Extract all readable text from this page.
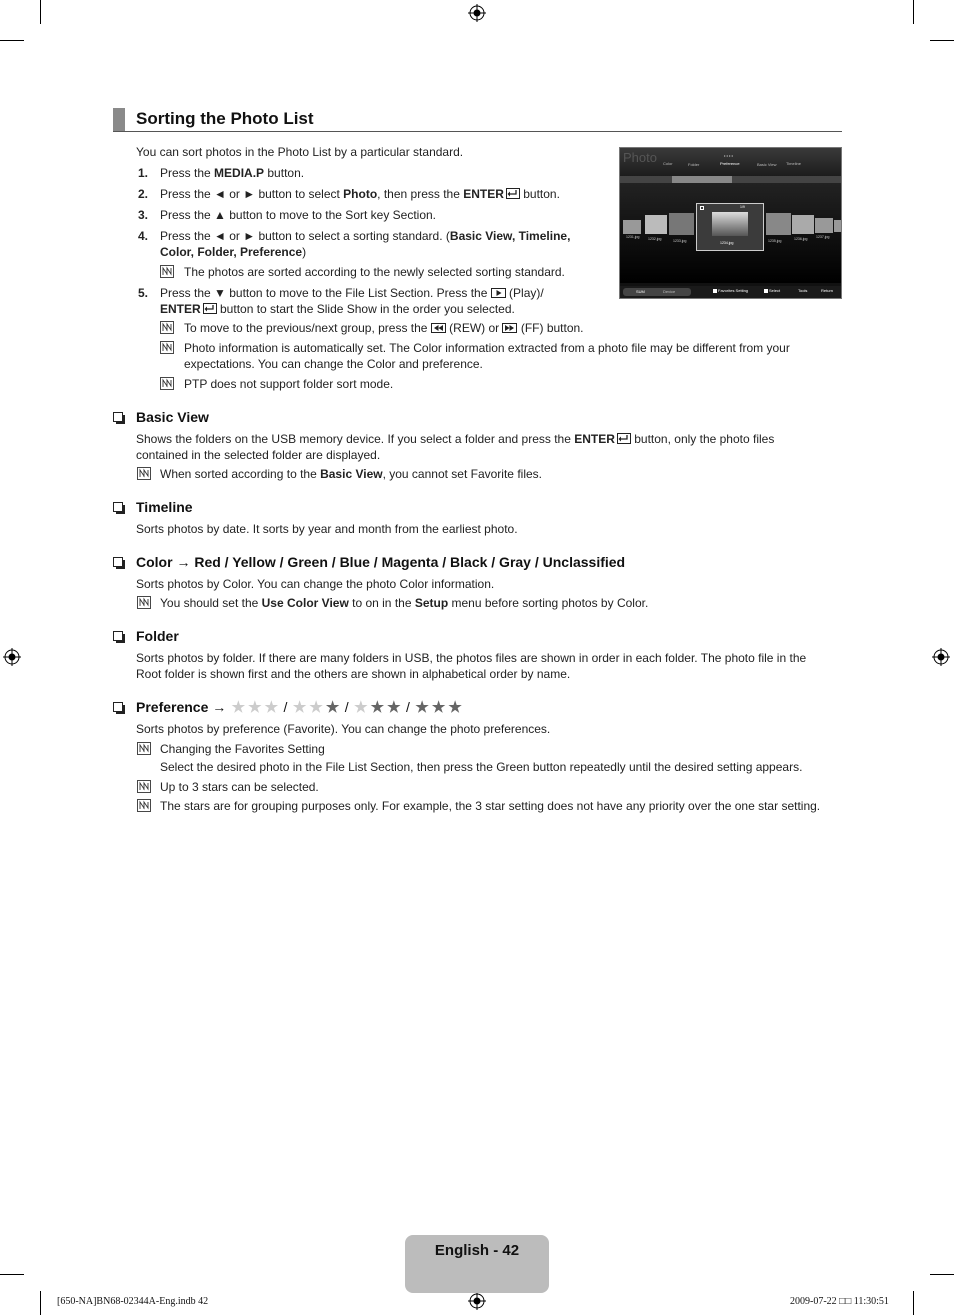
Sorting the Photo List
You can sort photos in the Photo List by a particular standard.
1. Press the MEDIA.P button.
2. Press the ◄ or ► button to select Photo, then press the ENTER
button.
3. Press the ▲ button to move to the Sort key Section.
4. Press the ◄ or ► button to select a sorting standard. (Basic View, Timeline,
Color, Folder, Preference)
The photos are sorted according to the newly selected sorting standard.
5. Press the ▼ button to move to the File List Section. Press the
(Play)/
ENTER
button to start the Slide Show in the order you selected.
To move to the previous/next group, press the
(REW) or
(FF) button.
Photo information is automatically set. The Color information extracted from a photo file may be different from your
expectations. You can change the Color and preference.
PTP does not support folder sort mode.
Photo Color	Folder	Preference
• • • •
Basic View Timeline
1231.jpg 1232.jpg	1233.jpg
1/9
1234.jpg	1235.jpg	1236.jpg 1237.jpg
SUM	Device	Favorites Setting	Select	Tools	Return
Basic View
Shows the folders on the USB memory device. If you select a folder and press the ENTER
button, only the photo files
contained in the selected folder are displayed.
When sorted according to the Basic View, you cannot set Favorite files.
Timeline
Sorts photos by date. It sorts by year and month from the earliest photo.
Color → Red / Yellow / Green / Blue / Magenta / Black / Gray / Unclassified
Sorts photos by Color. You can change the photo Color information.
You should set the Use Color View to on in the Setup menu before sorting photos by Color.
Folder
Sorts photos by folder. If there are many folders in USB, the photos files are shown in order in each folder. The photo file in the
Root folder is shown first and the others are shown in alphabetical order by name.
Preference → ★ ★ ★ / ★ ★ ★ / ★ ★ ★ / ★ ★ ★
Sorts photos by preference (Favorite). You can change the photo preferences.
Changing the Favorites Setting
Select the desired photo in the File List Section, then press the Green button repeatedly until the desired setting appears.
Up to 3 stars can be selected.
The stars are for grouping purposes only. For example, the 3 star setting does not have any priority over the one star setting.
English - 42
[650-NA]BN68-02344A-Eng.indb 42	2009-07-22 □□ 11:30:51
